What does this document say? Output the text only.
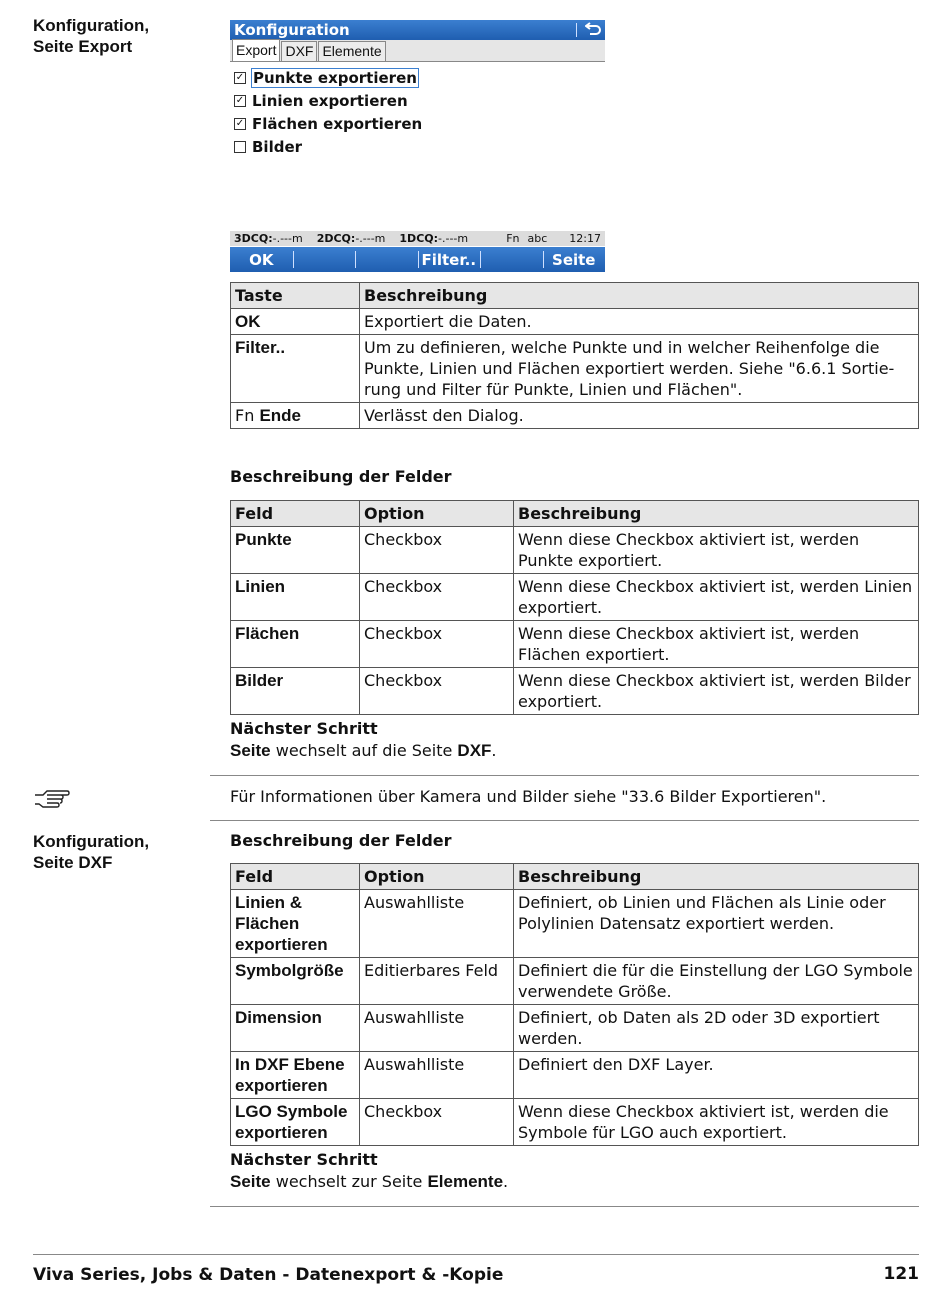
Konfiguration,
Seite Export
Konfiguration
Export DXF Elemente
✓ Punkte exportieren
✓ Linien exportieren
✓ Flächen exportieren
Bilder
3DCQ:-.---m 2DCQ:-.---m 1DCQ:-.---m	Fn abc 12:17
OK	Filter..	Seite
Taste	Beschreibung
OK	Exportiert die Daten.
Filter..	Um zu definieren, welche Punkte und in welcher Reihenfolge die Punkte, Linien und Flächen exportiert werden. Siehe "6.6.1 Sortie-rung und Filter für Punkte, Linien und Flächen".
Fn Ende	Verlässt den Dialog.
Beschreibung der Felder
Feld	Option	Beschreibung
Punkte	Checkbox	Wenn diese Checkbox aktiviert ist, werden Punkte exportiert.
Linien	Checkbox	Wenn diese Checkbox aktiviert ist, werden Linien exportiert.
Flächen	Checkbox	Wenn diese Checkbox aktiviert ist, werden Flächen exportiert.
Bilder	Checkbox	Wenn diese Checkbox aktiviert ist, werden Bilder exportiert.
Nächster Schritt
Seite wechselt auf die Seite DXF.
Für Informationen über Kamera und Bilder siehe "33.6 Bilder Exportieren".
Konfiguration,
Seite DXF
Beschreibung der Felder
Feld	Option	Beschreibung
Linien & Flächen exportieren	Auswahlliste	Definiert, ob Linien und Flächen als Linie oder Polylinien Datensatz exportiert werden.
Symbolgröße	Editierbares Feld	Definiert die für die Einstellung der LGO Symbole verwendete Größe.
Dimension	Auswahlliste	Definiert, ob Daten als 2D oder 3D exportiert werden.
In DXF Ebene exportieren	Auswahlliste	Definiert den DXF Layer.
LGO Symbole exportieren	Checkbox	Wenn diese Checkbox aktiviert ist, werden die Symbole für LGO auch exportiert.
Nächster Schritt
Seite wechselt zur Seite Elemente.
Viva Series, Jobs & Daten - Datenexport & -Kopie	121
